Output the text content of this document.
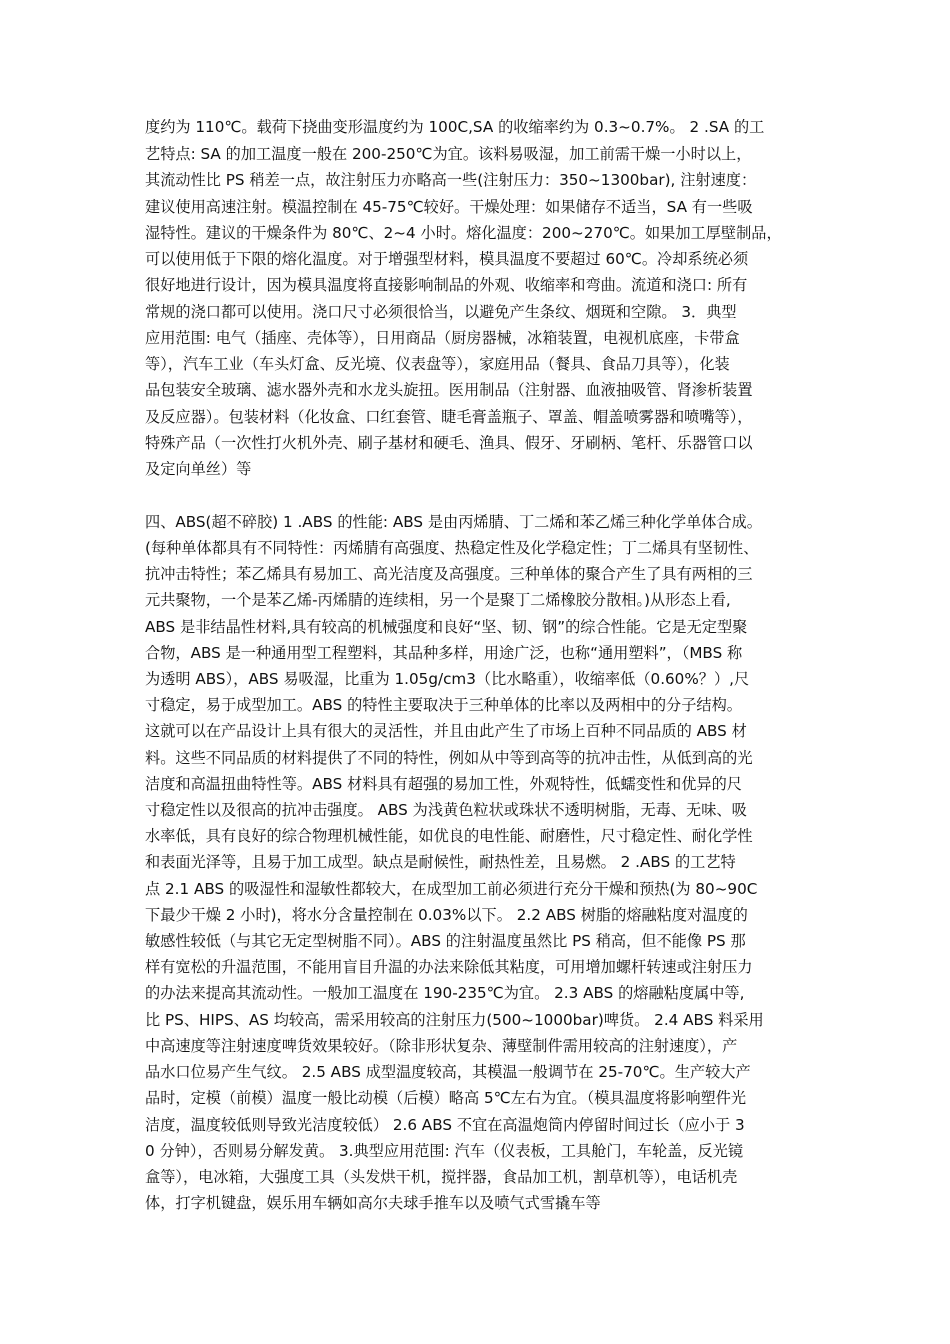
度约为 110℃。载荷下挠曲变形温度约为 100C,SA 的收缩率约为 0.3~0.7%。 2 .SA 的工
艺特点: SA 的加工温度一般在 200-250℃为宜。该料易吸湿，加工前需干燥一小时以上，
其流动性比 PS 稍差一点，故注射压力亦略高一些(注射压力：350~1300bar), 注射速度：
建议使用高速注射。模温控制在 45-75℃较好。干燥处理：如果储存不适当，SA 有一些吸
湿特性。建议的干燥条件为 80℃、2~4 小时。熔化温度：200~270℃。如果加工厚壁制品，
可以使用低于下限的熔化温度。对于增强型材料，模具温度不要超过 60℃。冷却系统必须
很好地进行设计，因为模具温度将直接影响制品的外观、收缩率和弯曲。流道和浇口: 所有
常规的浇口都可以使用。浇口尺寸必须很恰当，以避免产生条纹、烟斑和空隙。 3．典型
应用范围: 电气（插座、壳体等），日用商品（厨房器械，冰箱装置，电视机底座，卡带盒
等），汽车工业（车头灯盒、反光境、仪表盘等），家庭用品（餐具、食品刀具等），化装
品包装安全玻璃、滤水器外壳和水龙头旋扭。医用制品（注射器、血液抽吸管、肾渗析装置
及反应器）。包装材料（化妆盒、口红套管、睫毛膏盖瓶子、罩盖、帽盖喷雾器和喷嘴等），
特殊产品（一次性打火机外壳、刷子基材和硬毛、渔具、假牙、牙刷柄、笔杆、乐器管口以
及定向单丝）等
四、ABS(超不碎胶) 1 .ABS 的性能: ABS 是由丙烯腈、丁二烯和苯乙烯三种化学单体合成。
(每种单体都具有不同特性：丙烯腈有高强度、热稳定性及化学稳定性；丁二烯具有坚韧性、
抗冲击特性；苯乙烯具有易加工、高光洁度及高强度。三种单体的聚合产生了具有两相的三
元共聚物，一个是苯乙烯-丙烯腈的连续相，另一个是聚丁二烯橡胶分散相。)从形态上看,
ABS 是非结晶性材料,具有较高的机械强度和良好“坚、韧、钢”的综合性能。它是无定型聚
合物，ABS 是一种通用型工程塑料，其品种多样，用途广泛，也称“通用塑料”，（MBS 称
为透明 ABS），ABS 易吸湿，比重为 1.05g/cm3（比水略重），收缩率低（0.60%？）,尺
寸稳定，易于成型加工。ABS 的特性主要取决于三种单体的比率以及两相中的分子结构。
这就可以在产品设计上具有很大的灵活性，并且由此产生了市场上百种不同品质的 ABS 材
料。这些不同品质的材料提供了不同的特性，例如从中等到高等的抗冲击性，从低到高的光
洁度和高温扭曲特性等。ABS 材料具有超强的易加工性，外观特性，低蠕变性和优异的尺
寸稳定性以及很高的抗冲击强度。 ABS 为浅黄色粒状或珠状不透明树脂，无毒、无味、吸
水率低，具有良好的综合物理机械性能，如优良的电性能、耐磨性，尺寸稳定性、耐化学性
和表面光泽等，且易于加工成型。缺点是耐候性，耐热性差，且易燃。 2 .ABS 的工艺特
点 2.1 ABS 的吸湿性和湿敏性都较大，在成型加工前必须进行充分干燥和预热(为 80~90C
下最少干燥 2 小时)，将水分含量控制在 0.03%以下。 2.2 ABS 树脂的熔融粘度对温度的
敏感性较低（与其它无定型树脂不同）。ABS 的注射温度虽然比 PS 稍高，但不能像 PS 那
样有宽松的升温范围，不能用盲目升温的办法来除低其粘度，可用增加螺杆转速或注射压力
的办法来提高其流动性。一般加工温度在 190-235℃为宜。 2.3 ABS 的熔融粘度属中等,
比 PS、HIPS、AS 均较高，需采用较高的注射压力(500~1000bar)啤货。 2.4 ABS 料采用
中高速度等注射速度啤货效果较好。（除非形状复杂、薄壁制件需用较高的注射速度），产
品水口位易产生气纹。 2.5 ABS 成型温度较高，其模温一般调节在 25-70℃。生产较大产
品时，定模（前模）温度一般比动模（后模）略高 5℃左右为宜。（模具温度将影响塑件光
洁度，温度较低则导致光洁度较低） 2.6 ABS 不宜在高温炮筒内停留时间过长（应小于 3
0 分钟），否则易分解发黄。 3.典型应用范围: 汽车（仪表板，工具舱门，车轮盖，反光镜
盒等），电冰箱，大强度工具（头发烘干机，搅拌器，食品加工机，割草机等），电话机壳
体，打字机键盘，娱乐用车辆如高尔夫球手推车以及喷气式雪撬车等
